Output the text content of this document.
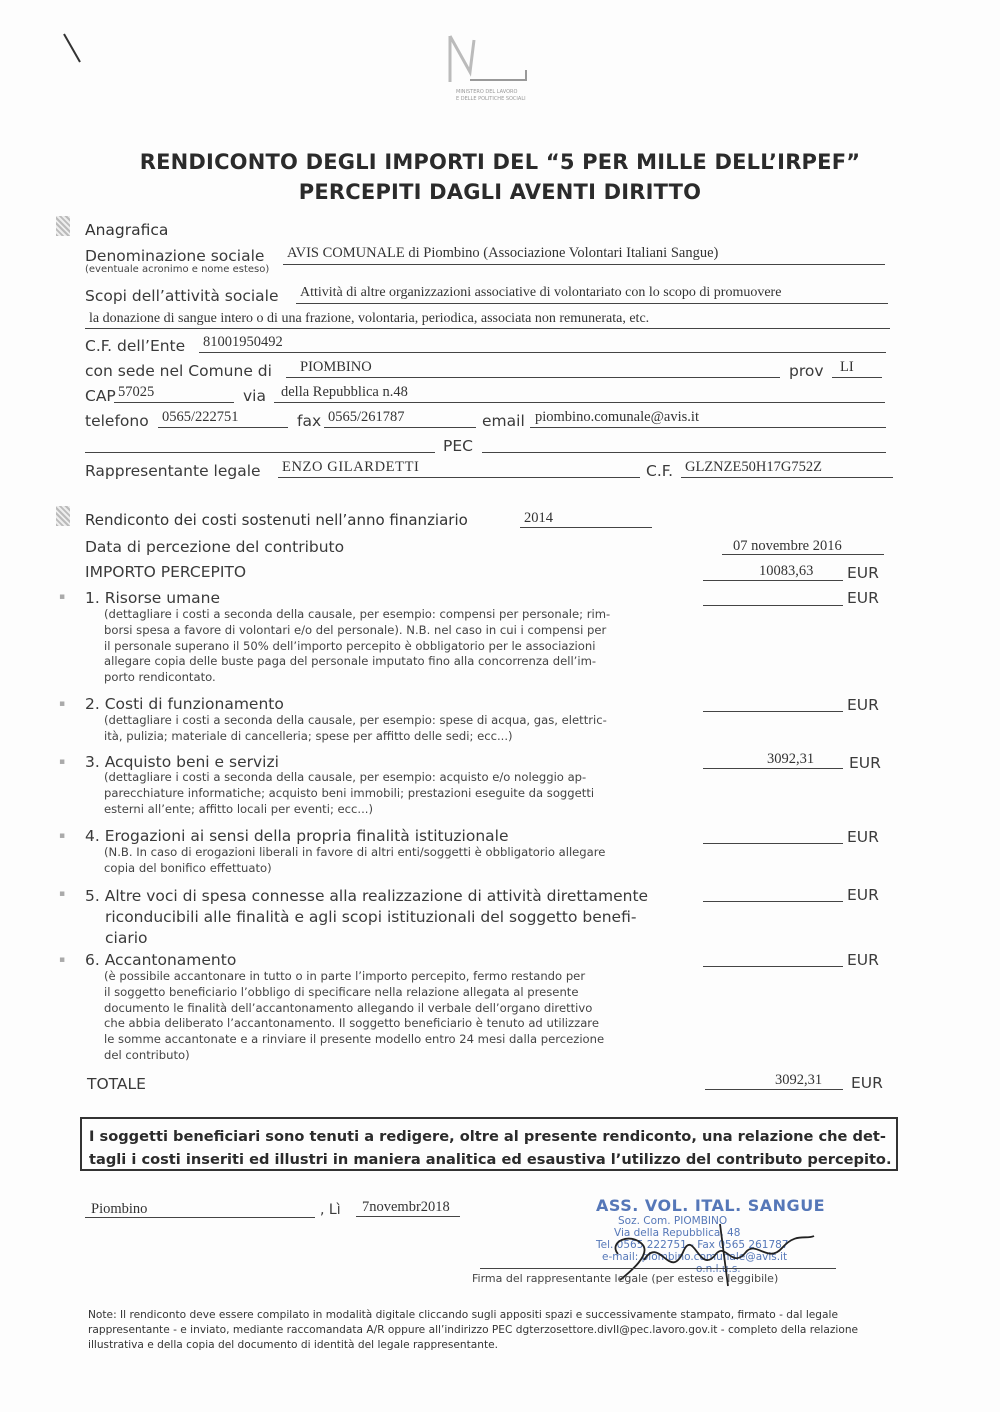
MINISTERO DEL LAVORO
E DELLE POLITICHE SOCIALI
RENDICONTO DEGLI IMPORTI DEL “5 PER MILLE DELL’IRPEF”
PERCEPITI DAGLI AVENTI DIRITTO
Anagrafica
Denominazione sociale AVIS COMUNALE di Piombino (Associazione Volontari Italiani Sangue)
(eventuale acronimo e nome esteso)
Scopi dell’attività sociale Attività di altre organizzazioni associative di volontariato con lo scopo di promuovere
la donazione di sangue intero o di una frazione, volontaria, periodica, associata non remunerata, etc.
C.F. dell’Ente 81001950492
con sede nel Comune di PIOMBINO	prov LI
CAP 57025	via della Repubblica n.48
telefono 0565/222751	fax 0565/261787	email piombino.comunale@avis.it
PEC
Rappresentante legale ENZO GILARDETTI	C.F. GLZNZE50H17G752Z
Rendiconto dei costi sostenuti nell’anno finanziario	2014
Data di percezione del contributo	07 novembre 2016
IMPORTO PERCEPITO	10083,63 EUR
▪ 1. Risorse umane
(dettagliare i costi a seconda della causale, per esempio: compensi per personale; rim-
borsi spesa a favore di volontari e/o del personale). N.B. nel caso in cui i compensi per
il personale superano il 50% dell’importo percepito è obbligatorio per le associazioni
allegare copia delle buste paga del personale imputato fino alla concorrenza dell’im-
porto rendicontato.
EUR
▪ 2. Costi di funzionamento
(dettagliare i costi a seconda della causale, per esempio: spese di acqua, gas, elettric-
ità, pulizia; materiale di cancelleria; spese per affitto delle sedi; ecc...)
EUR
▪ 3. Acquisto beni e servizi
(dettagliare i costi a seconda della causale, per esempio: acquisto e/o noleggio ap-
parecchiature informatiche; acquisto beni immobili; prestazioni eseguite da soggetti
esterni all’ente; affitto locali per eventi; ecc...)
3092,31 EUR
▪ 4. Erogazioni ai sensi della propria finalità istituzionale
(N.B. In caso di erogazioni liberali in favore di altri enti/soggetti è obbligatorio allegare
copia del bonifico effettuato)
EUR
▪ 5. Altre voci di spesa connesse alla realizzazione di attività direttamente
riconducibili alle finalità e agli scopi istituzionali del soggetto benefi-
ciario
EUR
▪ 6. Accantonamento
(è possibile accantonare in tutto o in parte l’importo percepito, fermo restando per
il soggetto beneficiario l’obbligo di specificare nella relazione allegata al presente
documento le finalità dell’accantonamento allegando il verbale dell’organo direttivo
che abbia deliberato l’accantonamento. Il soggetto beneficiario è tenuto ad utilizzare
le somme accantonate e a rinviare il presente modello entro 24 mesi dalla percezione
del contributo)
EUR
TOTALE	3092,31 EUR
I soggetti beneficiari sono tenuti a redigere, oltre al presente rendiconto, una relazione che det-
tagli i costi inseriti ed illustri in maniera analitica ed esaustiva l’utilizzo del contributo percepito.
Piombino	, Lì 7novembr2018	ASS. VOL. ITAL. SANGUE
Soz. Com. PIOMBINO
Via della Repubblica, 48
Tel. 0565 222751 - Fax 0565 261787
e-mail: piombino.comunale@avis.it
o.n.l.u.s.
Firma del rappresentante legale (per esteso e leggibile)
Note: Il rendiconto deve essere compilato in modalità digitale cliccando sugli appositi spazi e successivamente stampato, firmato - dal legale
rappresentante - e inviato, mediante raccomandata A/R oppure all’indirizzo PEC dgterzosettore.divII@pec.lavoro.gov.it - completo della relazione
illustrativa e della copia del documento di identità del legale rappresentante.
